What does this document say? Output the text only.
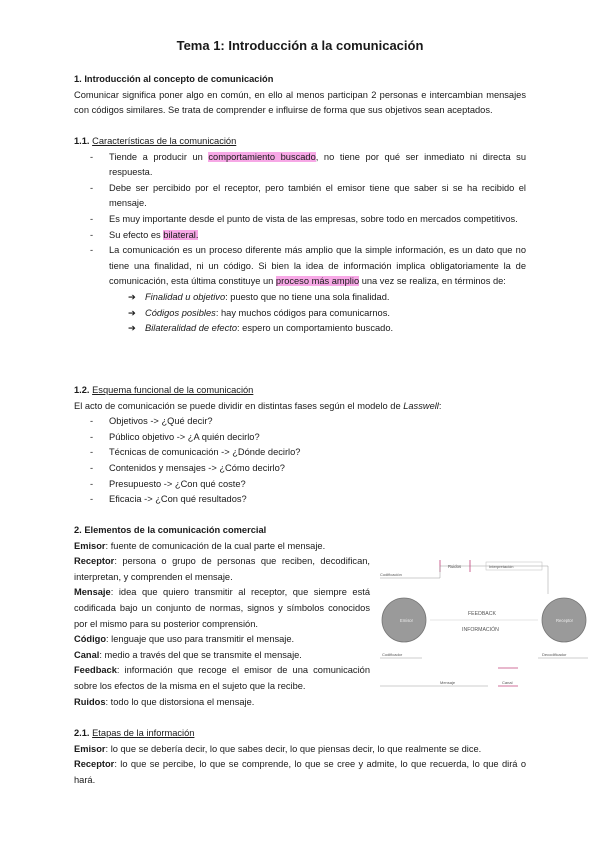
Tema 1: Introducción a la comunicación
1. Introducción al concepto de comunicación
Comunicar significa poner algo en común, en ello al menos participan 2 personas e intercambian mensajes con códigos similares. Se trata de comprender e influirse de forma que sus objetivos sean aceptados.
1.1. Características de la comunicación
- Tiende a producir un comportamiento buscado, no tiene por qué ser inmediato ni directa su respuesta.
- Debe ser percibido por el receptor, pero también el emisor tiene que saber si se ha recibido el mensaje.
- Es muy importante desde el punto de vista de las empresas, sobre todo en mercados competitivos.
- Su efecto es bilateral.
- La comunicación es un proceso diferente más amplio que la simple información, es un dato que no tiene una finalidad, ni un código. Si bien la idea de información implica obligatoriamente la de comunicación, esta última constituye un proceso más amplio una vez se realiza, en términos de:
➔ Finalidad u objetivo: puesto que no tiene una sola finalidad.
➔ Códigos posibles: hay muchos códigos para comunicarnos.
➔ Bilateralidad de efecto: espero un comportamiento buscado.
1.2. Esquema funcional de la comunicación
El acto de comunicación se puede dividir en distintas fases según el modelo de Lasswell:
- Objetivos -> ¿Qué decir?
- Público objetivo -> ¿A quién decirlo?
- Técnicas de comunicación -> ¿Dónde decirlo?
- Contenidos y mensajes -> ¿Cómo decirlo?
- Presupuesto -> ¿Con qué coste?
- Eficacia -> ¿Con qué resultados?
2. Elementos de la comunicación comercial
Emisor: fuente de comunicación de la cual parte el mensaje.
Receptor: persona o grupo de personas que reciben, decodifican, interpretan, y comprenden el mensaje.
Mensaje: idea que quiero transmitir al receptor, que siempre está codificada bajo un conjunto de normas, signos y símbolos conocidos por el mismo para su posterior comprensión.
Código: lenguaje que uso para transmitir el mensaje.
Canal: medio a través del que se transmite el mensaje.
Feedback: información que recoge el emisor de una comunicación sobre los efectos de la misma en el sujeto que la recibe.
Ruidos: todo lo que distorsiona el mensaje.
2.1. Etapas de la información
Emisor: lo que se debería decir, lo que sabes decir, lo que piensas decir, lo que realmente se dice.
Receptor: lo que se percibe, lo que se comprende, lo que se cree y admite, lo que recuerda, lo que dirá o hará.
Ruidos	Interpretación
Codificación
Emisor	Receptor
FEEDBACK
INFORMACIÓN
Codificador	Decodificador
Mensaje	Canal
